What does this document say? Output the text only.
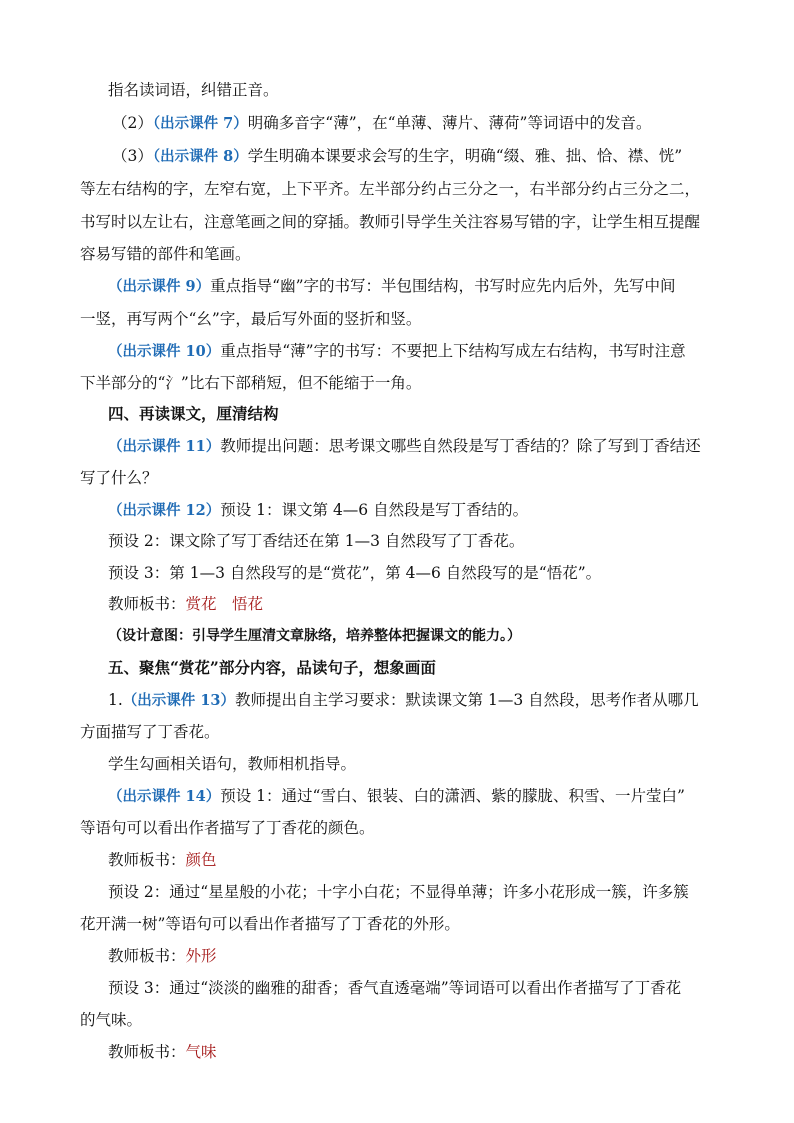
指名读词语，纠错正音。
（2）（出示课件 7）明确多音字“薄”，在“单薄、薄片、薄荷”等词语中的发音。
（3）（出示课件 8）学生明确本课要求会写的生字，明确“缀、雅、拙、恰、襟、恍”
等左右结构的字，左窄右宽，上下平齐。左半部分约占三分之一，右半部分约占三分之二，
书写时以左让右，注意笔画之间的穿插。教师引导学生关注容易写错的字，让学生相互提醒
容易写错的部件和笔画。
（出示课件 9）重点指导“幽”字的书写：半包围结构，书写时应先内后外，先写中间
一竖，再写两个“幺”字，最后写外面的竖折和竖。
（出示课件 10）重点指导“薄”字的书写：不要把上下结构写成左右结构，书写时注意
下半部分的“氵”比右下部稍短，但不能缩于一角。
四、再读课文，厘清结构
（出示课件 11）教师提出问题：思考课文哪些自然段是写丁香结的？除了写到丁香结还
写了什么？
（出示课件 12）预设 1：课文第 4—6 自然段是写丁香结的。
预设 2：课文除了写丁香结还在第 1—3 自然段写了丁香花。
预设 3：第 1—3 自然段写的是“赏花”，第 4—6 自然段写的是“悟花”。
教师板书：赏花　悟花
（设计意图：引导学生厘清文章脉络，培养整体把握课文的能力。）
五、聚焦“赏花”部分内容，品读句子，想象画面
1.（出示课件 13）教师提出自主学习要求：默读课文第 1—3 自然段，思考作者从哪几
方面描写了丁香花。
学生勾画相关语句，教师相机指导。
（出示课件 14）预设 1：通过“雪白、银装、白的潇洒、紫的朦胧、积雪、一片莹白”
等语句可以看出作者描写了丁香花的颜色。
教师板书：颜色
预设 2：通过“星星般的小花；十字小白花；不显得单薄；许多小花形成一簇，许多簇
花开满一树”等语句可以看出作者描写了丁香花的外形。
教师板书：外形
预设 3：通过“淡淡的幽雅的甜香；香气直透毫端”等词语可以看出作者描写了丁香花
的气味。
教师板书：气味
